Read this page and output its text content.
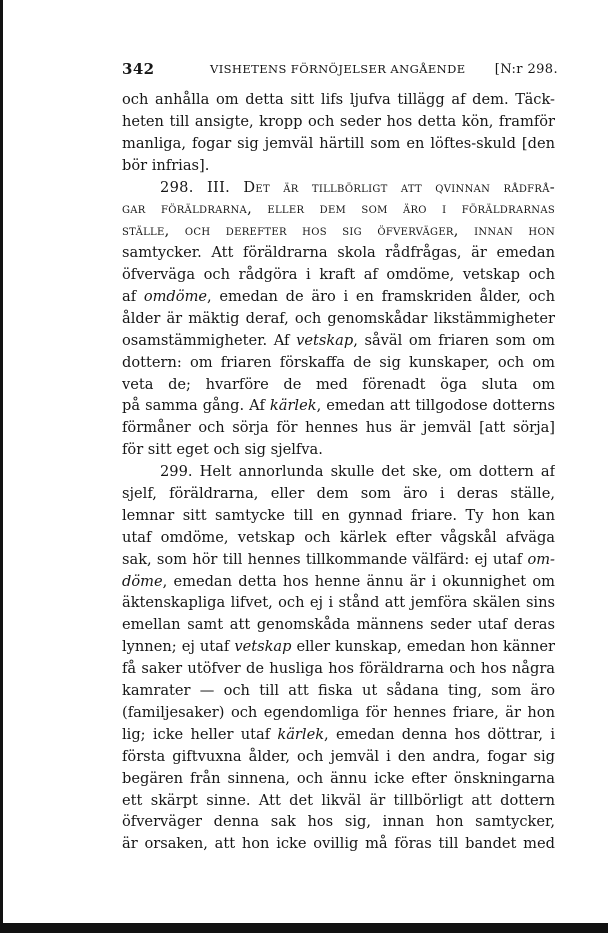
342	VISHETENS FÖRNÖJELSER ANGÅENDE [N:r 298.
och anhålla om detta sitt lifs ljufva tillägg af dem. Täck-
heten till ansigte, kropp och seder hos detta kön, framför
manliga, fogar sig jemväl härtill som en löftes-skuld [den
bör infrias].
298. III. Det är tillbörligt att qvinnan rådfrå-
gar föräldrarna, eller dem som äro i föräldrarnas
ställe, och derefter hos sig öfverväger, innan hon
samtycker. Att föräldrarna skola rådfrågas, är emedan
öfverväga och rådgöra i kraft af omdöme, vetskap och
af omdöme, emedan de äro i en framskriden ålder, och
ålder är mäktig deraf, och genomskådar likstämmigheter
osamstämmigheter. Af vetskap, såväl om friaren som om
dottern: om friaren förskaffa de sig kunskaper, och om
veta de; hvarföre de med förenadt öga sluta om
på samma gång. Af kärlek, emedan att tillgodose dotterns
förmåner och sörja för hennes hus är jemväl [att sörja]
för sitt eget och sig sjelfva.
299. Helt annorlunda skulle det ske, om dottern af
sjelf, föräldrarna, eller dem som äro i deras ställe,
lemnar sitt samtycke till en gynnad friare. Ty hon kan
utaf omdöme, vetskap och kärlek efter vågskål afväga
sak, som hör till hennes tillkommande välfärd: ej utaf om-
döme, emedan detta hos henne ännu är i okunnighet om
äktenskapliga lifvet, och ej i stånd att jemföra skälen sins
emellan samt att genomskåda männens seder utaf deras
lynnen; ej utaf vetskap eller kunskap, emedan hon känner
få saker utöfver de husliga hos föräldrarna och hos några
kamrater — och till att fiska ut sådana ting, som äro
(familjesaker) och egendomliga för hennes friare, är hon
lig; icke heller utaf kärlek, emedan denna hos döttrar, i
första giftvuxna ålder, och jemväl i den andra, fogar sig
begären från sinnena, och ännu icke efter önskningarna
ett skärpt sinne. Att det likväl är tillbörligt att dottern
öfverväger denna sak hos sig, innan hon samtycker,
är orsaken, att hon icke ovillig må föras till bandet med
